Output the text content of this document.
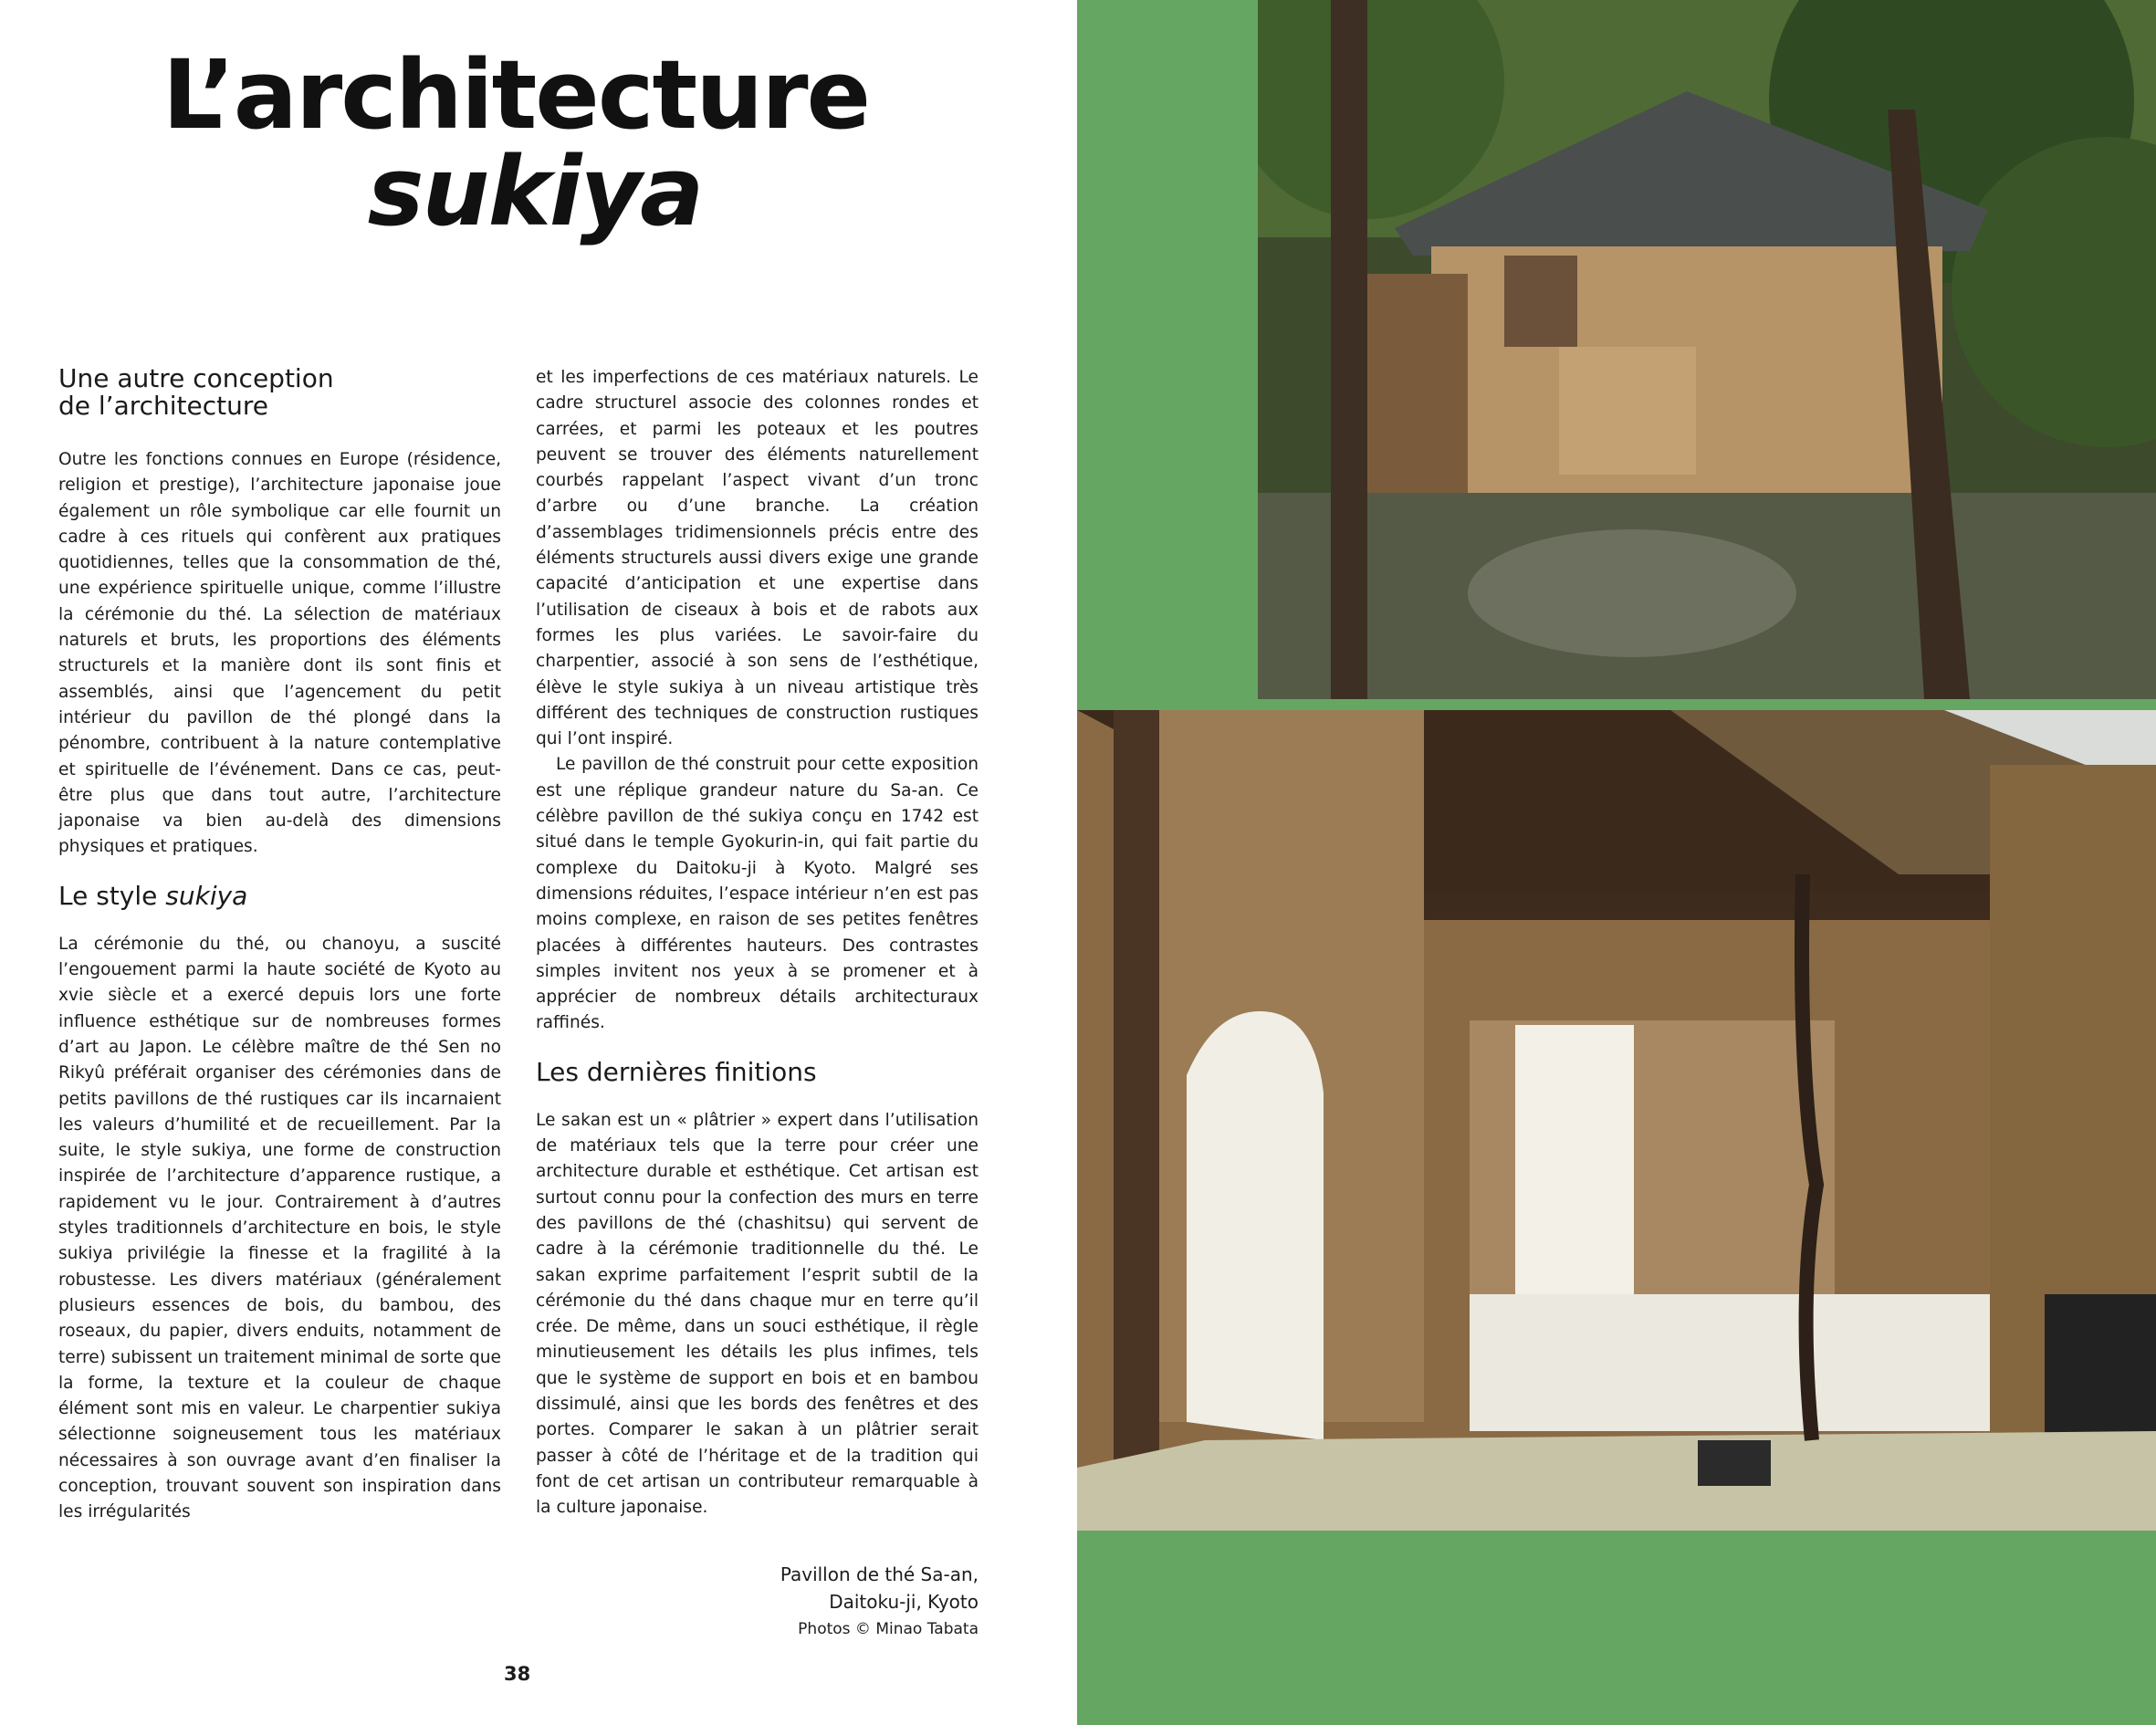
L’architecture
sukiya
Une autre conception
de l’architecture

Outre les fonctions connues en Europe (résidence, religion et prestige), l’architecture japonaise joue également un rôle symbolique car elle fournit un cadre à ces rituels qui confèrent aux pratiques quotidiennes, telles que la consommation de thé, une expérience spirituelle unique, comme l’illustre la cérémonie du thé. La sélection de matériaux naturels et bruts, les proportions des éléments structurels et la manière dont ils sont finis et assemblés, ainsi que l’agencement du petit intérieur du pavillon de thé plongé dans la pénombre, contribuent à la nature contemplative et spirituelle de l’événement. Dans ce cas, peut-être plus que dans tout autre, l’architecture japonaise va bien au-delà des dimensions physiques et pratiques.

Le style sukiya

La cérémonie du thé, ou chanoyu, a suscité l’engouement parmi la haute société de Kyoto au xvie siècle et a exercé depuis lors une forte influence esthétique sur de nombreuses formes d’art au Japon. Le célèbre maître de thé Sen no Rikyû préférait organiser des cérémonies dans de petits pavillons de thé rustiques car ils incarnaient les valeurs d’humilité et de recueillement. Par la suite, le style sukiya, une forme de construction inspirée de l’architecture d’apparence rustique, a rapidement vu le jour. Contrairement à d’autres styles traditionnels d’architecture en bois, le style sukiya privilégie la finesse et la fragilité à la robustesse. Les divers matériaux (généralement plusieurs essences de bois, du bambou, des roseaux, du papier, divers enduits, notamment de terre) subissent un traitement minimal de sorte que la forme, la texture et la couleur de chaque élément sont mis en valeur. Le charpentier sukiya sélectionne soigneusement tous les matériaux nécessaires à son ouvrage avant d’en finaliser la conception, trouvant souvent son inspiration dans les irrégularités

et les imperfections de ces matériaux naturels. Le cadre structurel associe des colonnes rondes et carrées, et parmi les poteaux et les poutres peuvent se trouver des éléments naturellement courbés rappelant l’aspect vivant d’un tronc d’arbre ou d’une branche. La création d’assemblages tridimensionnels précis entre des éléments structurels aussi divers exige une grande capacité d’anticipation et une expertise dans l’utilisation de ciseaux à bois et de rabots aux formes les plus variées. Le savoir-faire du charpentier, associé à son sens de l’esthétique, élève le style sukiya à un niveau artistique très différent des techniques de construction rustiques qui l’ont inspiré.

Le pavillon de thé construit pour cette exposition est une réplique grandeur nature du Sa-an. Ce célèbre pavillon de thé sukiya conçu en 1742 est situé dans le temple Gyokurin-in, qui fait partie du complexe du Daitoku-ji à Kyoto. Malgré ses dimensions réduites, l’espace intérieur n’en est pas moins complexe, en raison de ses petites fenêtres placées à différentes hauteurs. Des contrastes simples invitent nos yeux à se promener et à apprécier de nombreux détails architecturaux raffinés.

Les dernières finitions

Le sakan est un « plâtrier » expert dans l’utilisation de matériaux tels que la terre pour créer une architecture durable et esthétique. Cet artisan est surtout connu pour la confection des murs en terre des pavillons de thé (chashitsu) qui servent de cadre à la cérémonie traditionnelle du thé. Le sakan exprime parfaitement l’esprit subtil de la cérémonie du thé dans chaque mur en terre qu’il crée. De même, dans un souci esthétique, il règle minutieusement les détails les plus infimes, tels que le système de support en bois et en bambou dissimulé, ainsi que les bords des fenêtres et des portes. Comparer le sakan à un plâtrier serait passer à côté de l’héritage et de la tradition qui font de cet artisan un contributeur remarquable à la culture japonaise.

Pavillon de thé Sa-an,
Daitoku-ji, Kyoto
Photos © Minao Tabata
38
